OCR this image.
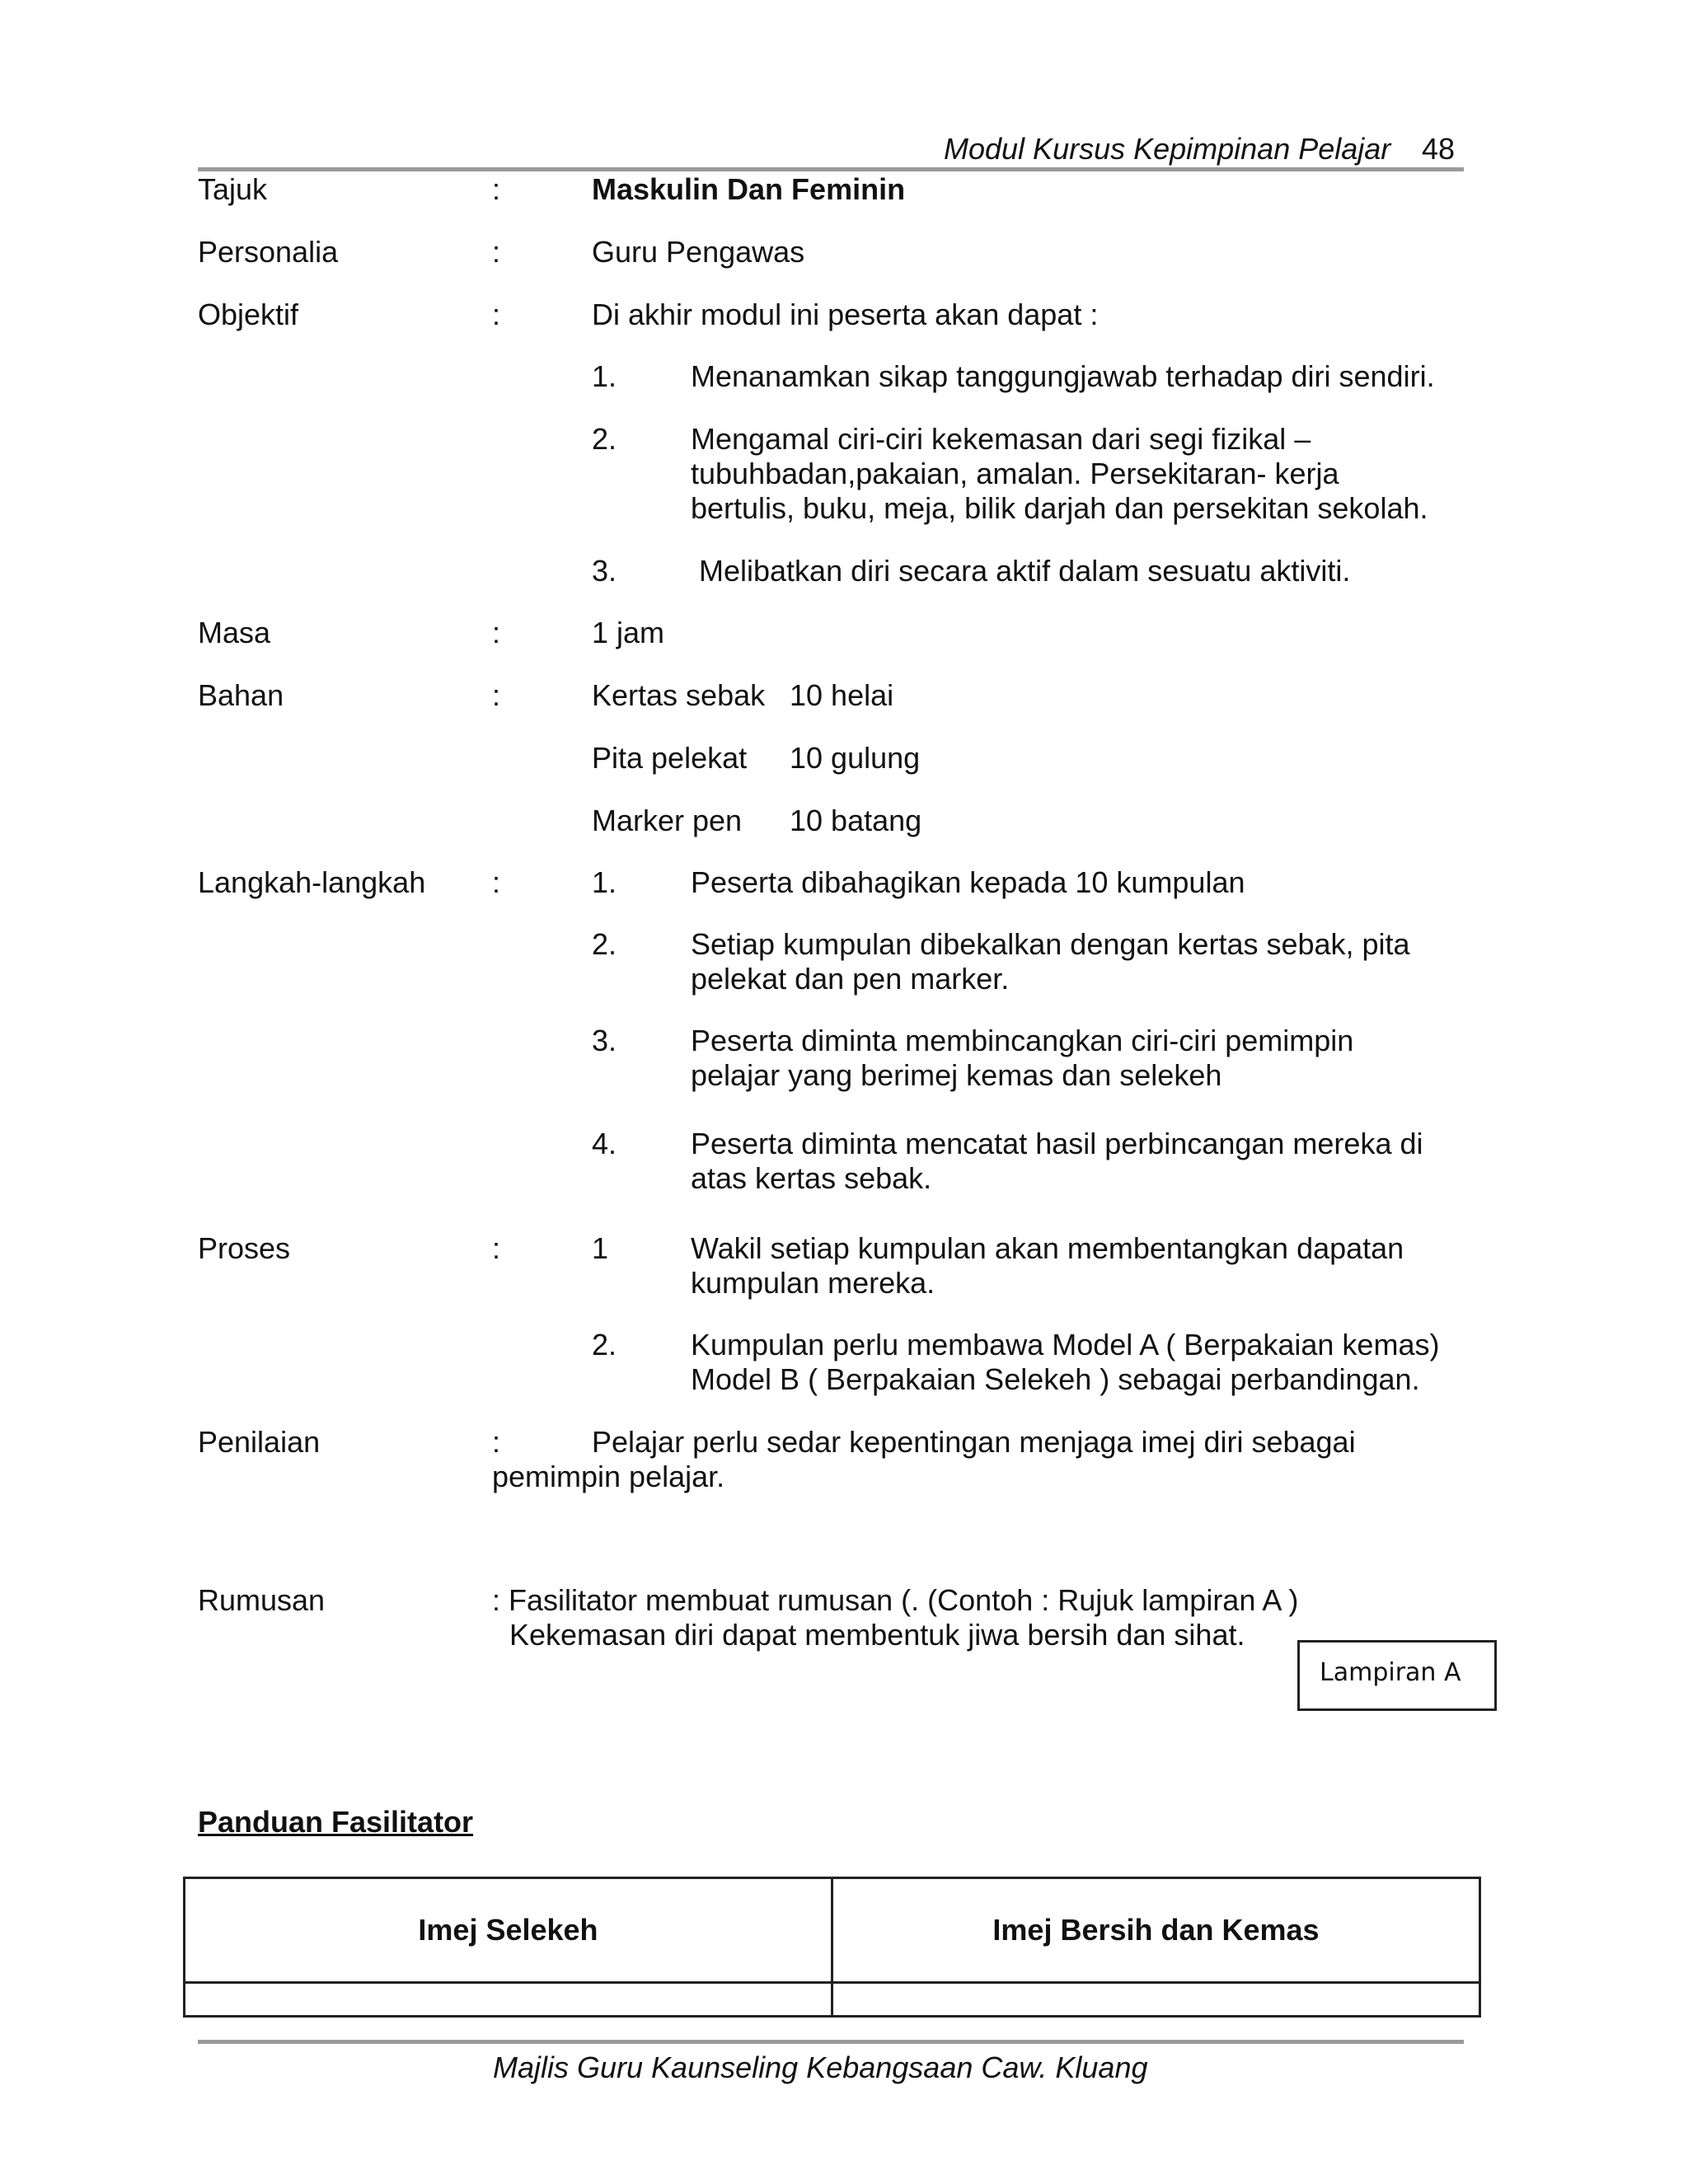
Modul Kursus Kepimpinan Pelajar 48
Tajuk	:	Maskulin Dan Feminin
Personalia	:	Guru Pengawas
Objektif	:	Di akhir modul ini peserta akan dapat :
1. Menanamkan sikap tanggungjawab terhadap diri sendiri.
2. Mengamal ciri-ciri kekemasan dari segi fizikal –
tubuhbadan,pakaian, amalan. Persekitaran- kerja
bertulis, buku, meja, bilik darjah dan persekitan sekolah.
3.	Melibatkan diri secara aktif dalam sesuatu aktiviti.
Masa	:	1 jam
Bahan	:	Kertas sebak 10 helai
Pita pelekat 10 gulung
Marker pen 10 batang
Langkah-langkah :	1. Peserta dibahagikan kepada 10 kumpulan
2. Setiap kumpulan dibekalkan dengan kertas sebak, pita
pelekat dan pen marker.
3. Peserta diminta membincangkan ciri-ciri pemimpin
pelajar yang berimej kemas dan selekeh
4. Peserta diminta mencatat hasil perbincangan mereka di
atas kertas sebak.
Proses	:	1	Wakil setiap kumpulan akan membentangkan dapatan
kumpulan mereka.
2. Kumpulan perlu membawa Model A ( Berpakaian kemas)
Model B ( Berpakaian Selekeh ) sebagai perbandingan.
Penilaian	:	Pelajar perlu sedar kepentingan menjaga imej diri sebagai
pemimpin pelajar.
Rumusan	: Fasilitator membuat rumusan (. (Contoh : Rujuk lampiran A )
Kekemasan diri dapat membentuk jiwa bersih dan sihat.
Lampiran A
Panduan Fasilitator
Imej Selekeh	Imej Bersih dan Kemas

Majlis Guru Kaunseling Kebangsaan Caw. Kluang
